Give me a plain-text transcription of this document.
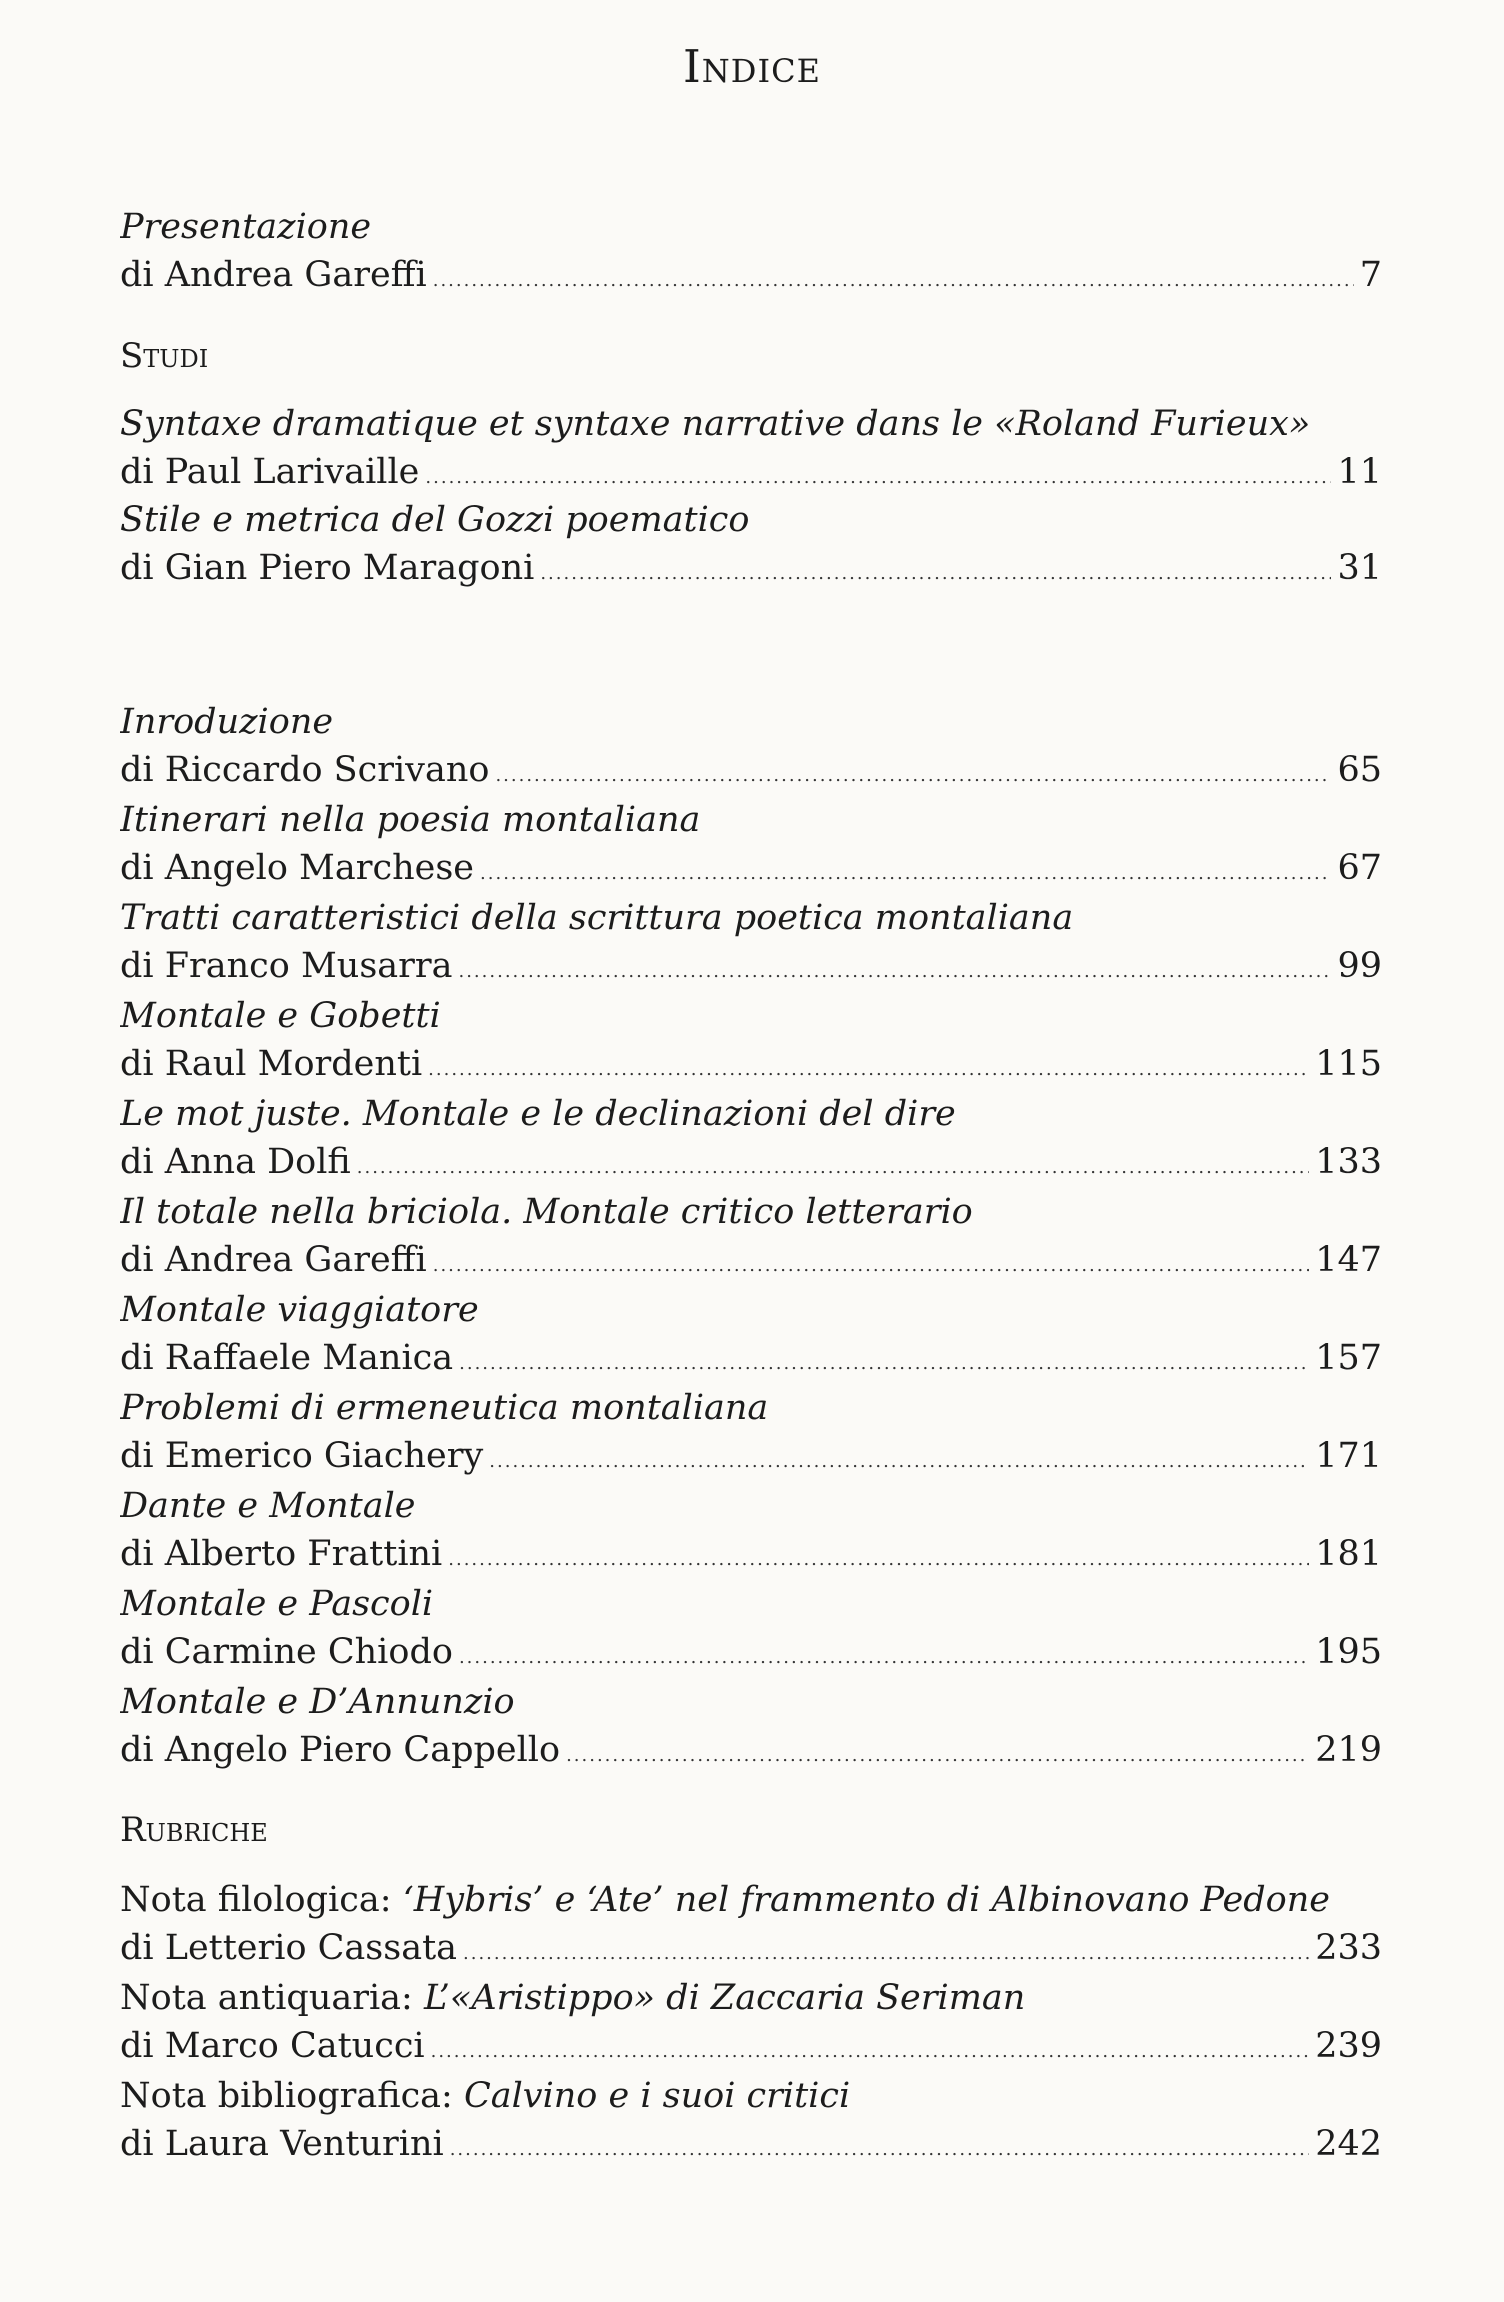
Indice
Presentazione
di Andrea Gareffi .....	7
Studi
Syntaxe dramatique et syntaxe narrative dans le «Roland Furieux»
di Paul Larivaille .....	11
Stile e metrica del Gozzi poematico
di Gian Piero Maragoni .....	31
Inroduzione
di Riccardo Scrivano .....	65
Itinerari nella poesia montaliana
di Angelo Marchese .....	67
Tratti caratteristici della scrittura poetica montaliana
di Franco Musarra .....	99
Montale e Gobetti
di Raul Mordenti .....	115
Le mot juste. Montale e le declinazioni del dire
di Anna Dolfi .....	133
Il totale nella briciola. Montale critico letterario
di Andrea Gareffi .....	147
Montale viaggiatore
di Raffaele Manica .....	157
Problemi di ermeneutica montaliana
di Emerico Giachery .....	171
Dante e Montale
di Alberto Frattini .....	181
Montale e Pascoli
di Carmine Chiodo .....	195
Montale e D’Annunzio
di Angelo Piero Cappello .....	219
Rubriche
Nota filologica: ‘Hybris’ e ‘Ate’ nel frammento di Albinovano Pedone
di Letterio Cassata .....	233
Nota antiquaria: L’«Aristippo» di Zaccaria Seriman
di Marco Catucci .....	239
Nota bibliografica: Calvino e i suoi critici
di Laura Venturini .....	242
